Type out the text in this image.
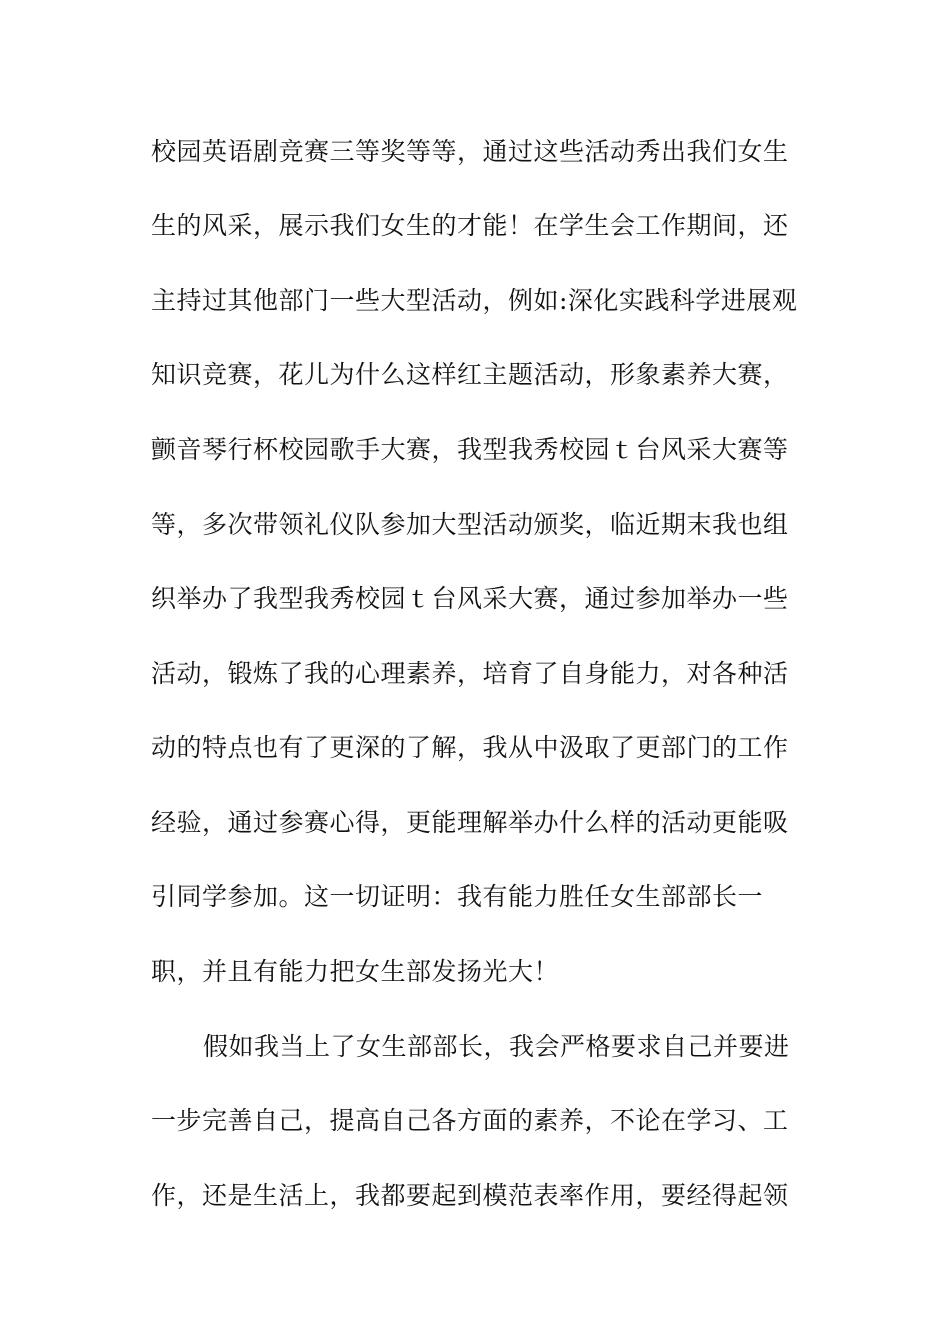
校园英语剧竞赛三等奖等等，通过这些活动秀出我们女生
生的风采，展示我们女生的才能！在学生会工作期间，还
主持过其他部门一些大型活动，例如:深化实践科学进展观
知识竞赛，花儿为什么这样红主题活动，形象素养大赛，
颤音琴行杯校园歌手大赛，我型我秀校园ｔ台风采大赛等
等，多次带领礼仪队参加大型活动颁奖，临近期末我也组
织举办了我型我秀校园ｔ台风采大赛，通过参加举办一些
活动，锻炼了我的心理素养，培育了自身能力，对各种活
动的特点也有了更深的了解，我从中汲取了更部门的工作
经验，通过参赛心得，更能理解举办什么样的活动更能吸
引同学参加。这一切证明：我有能力胜任女生部部长一
职，并且有能力把女生部发扬光大！
假如我当上了女生部部长，我会严格要求自己并要进
一步完善自己，提高自己各方面的素养，不论在学习、工
作，还是生活上，我都要起到模范表率作用，要经得起领
